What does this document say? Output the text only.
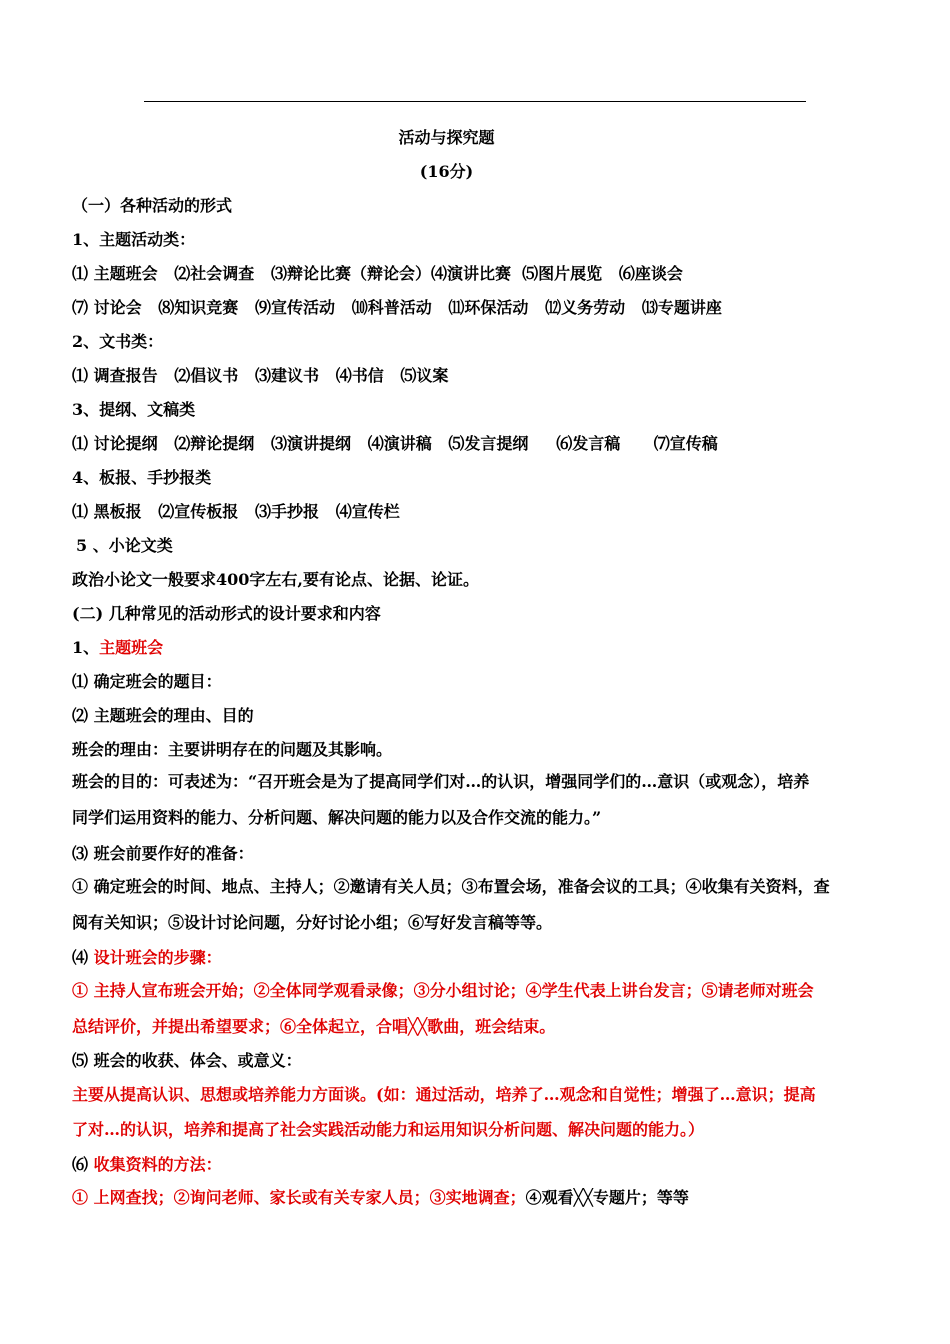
活动与探究题
(16分)
（一）各种活动的形式
1、主题活动类：
⑴ 主题班会   ⑵社会调查   ⑶辩论比赛（辩论会）⑷演讲比赛  ⑸图片展览   ⑹座谈会
⑺ 讨论会   ⑻知识竞赛   ⑼宣传活动   ⑽科普活动   ⑾环保活动   ⑿义务劳动   ⒀专题讲座
2、文书类：
⑴ 调查报告   ⑵倡议书   ⑶建议书   ⑷书信   ⑸议案
3、提纲、文稿类
⑴ 讨论提纲   ⑵辩论提纲   ⑶演讲提纲   ⑷演讲稿   ⑸发言提纲     ⑹发言稿      ⑺宣传稿
4、板报、手抄报类
⑴ 黑板报   ⑵宣传板报   ⑶手抄报   ⑷宣传栏
5 、小论文类
政治小论文一般要求400字左右,要有论点、论据、论证。
(二) 几种常见的活动形式的设计要求和内容
1、主题班会
⑴ 确定班会的题目：
⑵ 主题班会的理由、目的
班会的理由：主要讲明存在的问题及其影响。
班会的目的：可表述为：“召开班会是为了提高同学们对…的认识，增强同学们的…意识（或观念），培养
同学们运用资料的能力、分析问题、解决问题的能力以及合作交流的能力。”
⑶ 班会前要作好的准备：
① 确定班会的时间、地点、主持人；②邀请有关人员；③布置会场，准备会议的工具；④收集有关资料，查
阅有关知识；⑤设计讨论问题，分好讨论小组；⑥写好发言稿等等。
⑷ 设计班会的步骤：
① 主持人宣布班会开始；②全体同学观看录像；③分小组讨论；④学生代表上讲台发言；⑤请老师对班会
总结评价，并提出希望要求；⑥全体起立，合唱╳╳歌曲，班会结束。
⑸ 班会的收获、体会、或意义：
主要从提高认识、思想或培养能力方面谈。(如：通过活动，培养了…观念和自觉性；增强了…意识；提高
了对…的认识，培养和提高了社会实践活动能力和运用知识分析问题、解决问题的能力。）
⑹ 收集资料的方法：
① 上网查找；②询问老师、家长或有关专家人员；③实地调查；④观看╳╳专题片；等等
